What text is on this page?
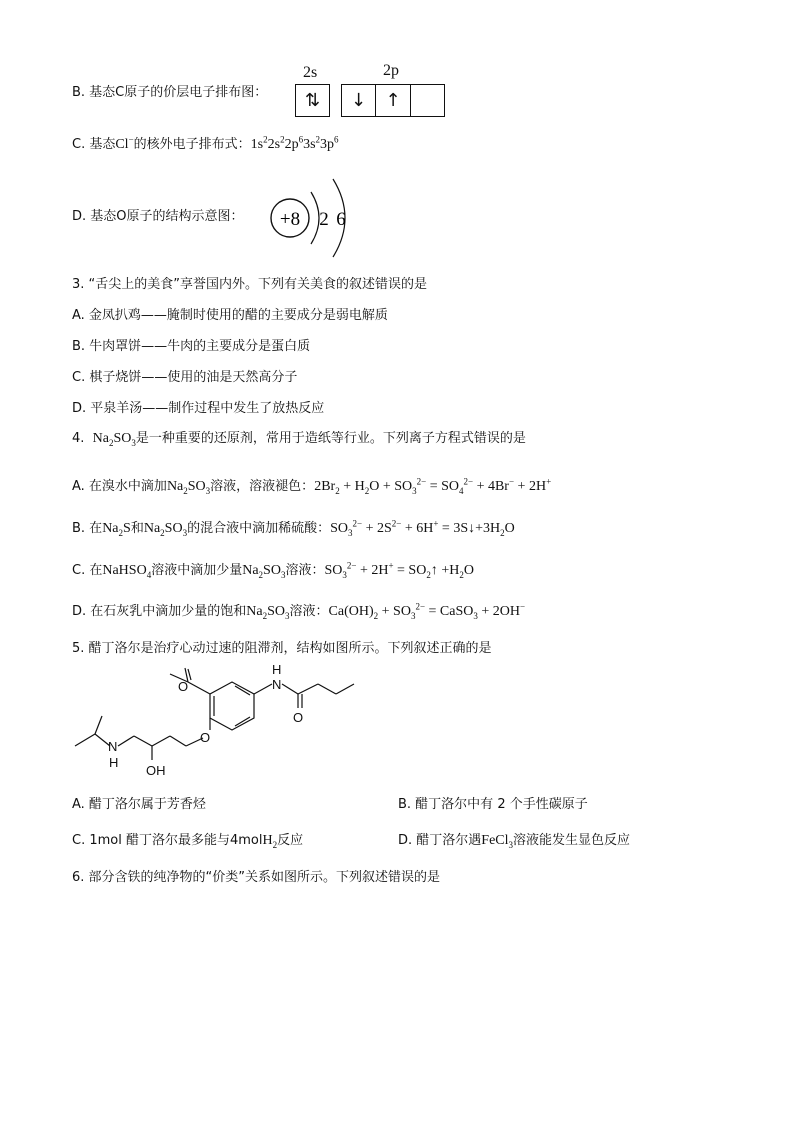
B. 基态C原子的价层电子排布图：
2s	2p
⇅ ↓ ↑
C. 基态Cl−的核外电子排布式：$1s^22s^22p^63s^23p^6$
D. 基态O原子的结构示意图： +8 2 6
3. “舌尖上的美食”享誉国内外。下列有关美食的叙述错误的是
A. 金凤扒鸡——腌制时使用的醋的主要成分是弱电解质
B. 牛肉罩饼——牛肉的主要成分是蛋白质
C. 棋子烧饼——使用的油是天然高分子
D. 平泉羊汤——制作过程中发生了放热反应
4.  $Na_2SO_3$是一种重要的还原剂，常用于造纸等行业。下列离子方程式错误的是
A. 在溴水中滴加$Na_2SO_3$溶液，溶液褪色：$2Br_2 + H_2O + SO_3^{2-} = SO_4^{2-} + 4Br^- + 2H^+$
B. 在$Na_2S$和$Na_2SO_3$的混合液中滴加稀硫酸：$SO_3^{2-} + 2S^{2-} + 6H^+$ = $3S↓+3H_2O$
C. 在NaHSO$_4$溶液中滴加少量$Na_2SO_3$溶液：$SO_3^{2-} + 2H^+$ = $SO_2↑ +H_2O$
D. 在石灰乳中滴加少量的饱和$Na_2SO_3$溶液：$Ca(OH)_2 + SO_3^{2-}$ = CaSO$_3$ + 2OH−
5. 醋丁洛尔是治疗心动过速的阻滞剂，结构如图所示。下列叙述正确的是
N
H
OH
O
O	N
H
O
A. 醋丁洛尔属于芳香烃	B. 醋丁洛尔中有 2 个手性碳原子
C. 1mol 醋丁洛尔最多能与4molH$_2$反应	D. 醋丁洛尔遇FeCl$_3$溶液能发生显色反应
6. 部分含铁的纯净物的“价类”关系如图所示。下列叙述错误的是
